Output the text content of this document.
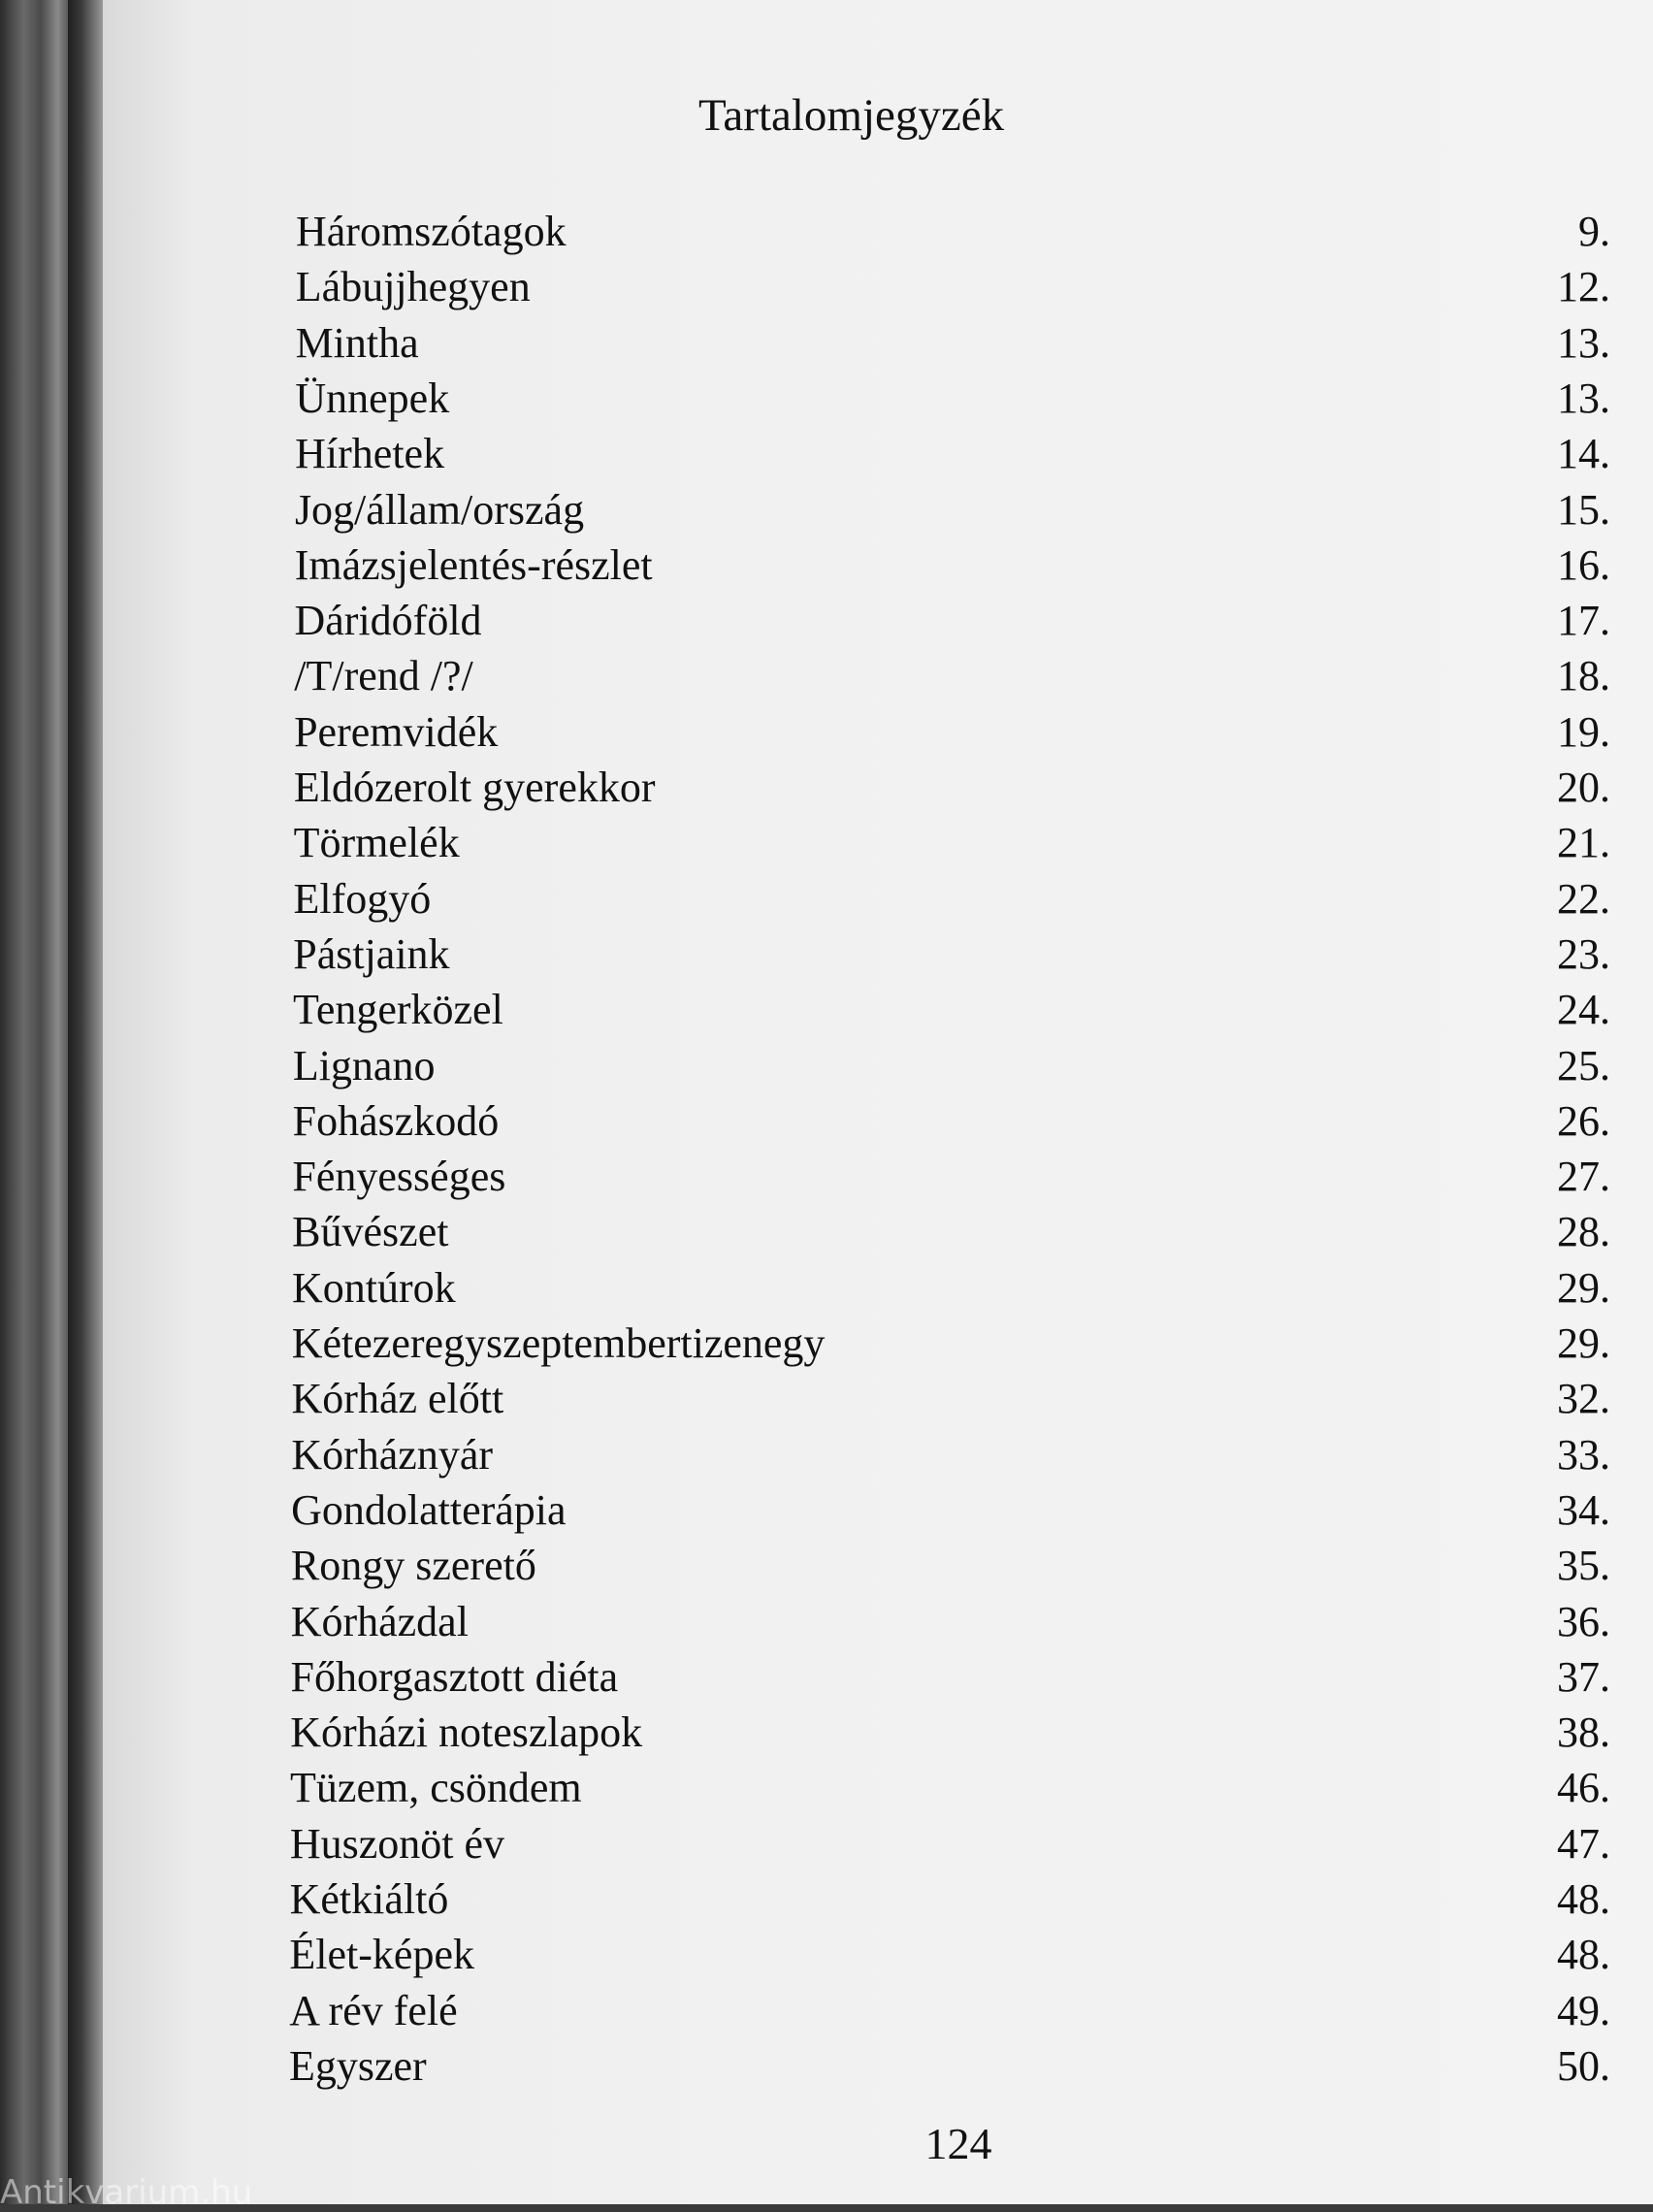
Tartalomjegyzék
Háromszótagok	9.
Lábujjhegyen	12.
Mintha	13.
Ünnepek	13.
Hírhetek	14.
Jog/állam/ország	15.
Imázsjelentés-részlet	16.
Dáridóföld	17.
/T/rend /?/	18.
Peremvidék	19.
Eldózerolt gyerekkor	20.
Törmelék	21.
Elfogyó	22.
Pástjaink	23.
Tengerközel	24.
Lignano	25.
Fohászkodó	26.
Fényességes	27.
Bűvészet	28.
Kontúrok	29.
Kétezeregyszeptembertizenegy	29.
Kórház előtt	32.
Kórháznyár	33.
Gondolatterápia	34.
Rongy szerető	35.
Kórházdal	36.
Főhorgasztott diéta	37.
Kórházi noteszlapok	38.
Tüzem, csöndem	46.
Huszonöt év	47.
Kétkiáltó	48.
Élet-képek	48.
A rév felé	49.
Egyszer	50.
124
Antikvarium.hu
